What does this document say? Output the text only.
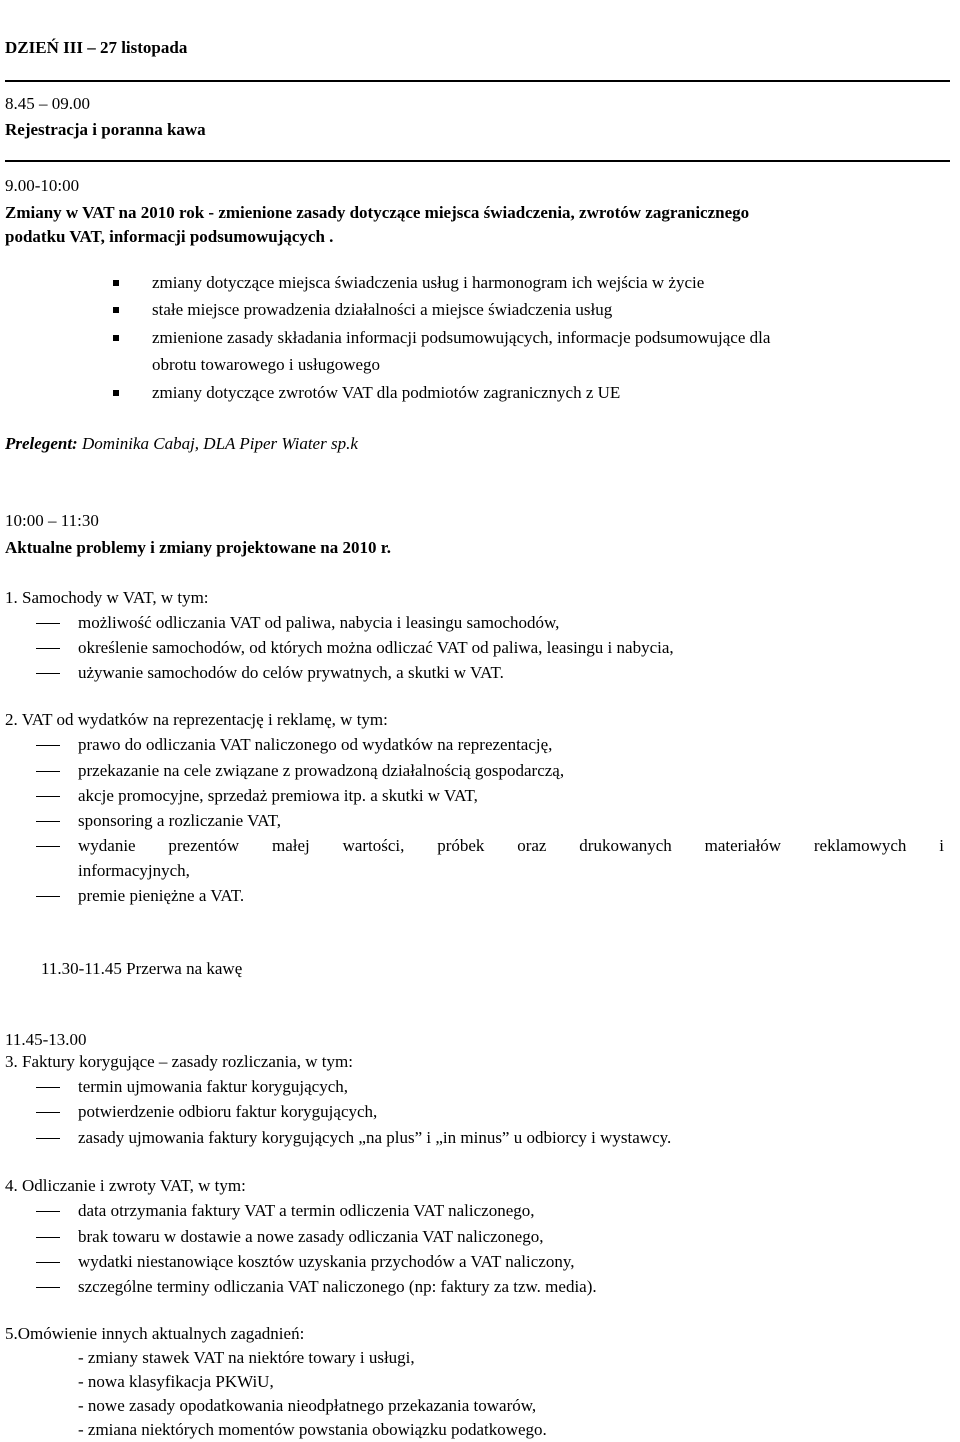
DZIEŃ III – 27 listopada
8.45 – 09.00
Rejestracja i poranna kawa
9.00-10:00
Zmiany w VAT na 2010 rok - zmienione zasady dotyczące miejsca świadczenia, zwrotów zagranicznego
podatku VAT, informacji podsumowujących .
zmiany dotyczące miejsca świadczenia usług i harmonogram ich wejścia w życie
stałe miejsce prowadzenia działalności a miejsce świadczenia usług
zmienione zasady składania informacji podsumowujących, informacje podsumowujące dla
obrotu towarowego i usługowego
zmiany dotyczące zwrotów VAT dla podmiotów zagranicznych z UE
Prelegent: Dominika Cabaj, DLA Piper Wiater sp.k
10:00 – 11:30
Aktualne problemy i zmiany projektowane na 2010 r.
1. Samochody w VAT, w tym:
możliwość odliczania VAT od paliwa, nabycia i leasingu samochodów,
określenie samochodów, od których można odliczać VAT od paliwa, leasingu i nabycia,
używanie samochodów do celów prywatnych, a skutki w VAT.
2. VAT od wydatków na reprezentację i reklamę, w tym:
prawo do odliczania VAT naliczonego od wydatków na reprezentację,
przekazanie na cele związane z prowadzoną działalnością gospodarczą,
akcje promocyjne, sprzedaż premiowa itp. a skutki w VAT,
sponsoring a rozliczanie VAT,
wydanie prezentów małej wartości, próbek oraz drukowanych materiałów reklamowych i
informacyjnych,
premie pieniężne a VAT.
11.30-11.45 Przerwa na kawę
11.45-13.00
3. Faktury korygujące – zasady rozliczania, w tym:
termin ujmowania faktur korygujących,
potwierdzenie odbioru faktur korygujących,
zasady ujmowania faktury korygujących „na plus” i „in minus” u odbiorcy i wystawcy.
4. Odliczanie i zwroty VAT, w tym:
data otrzymania faktury VAT a termin odliczenia VAT naliczonego,
brak towaru w dostawie a nowe zasady odliczania VAT naliczonego,
wydatki niestanowiące kosztów uzyskania przychodów a VAT naliczony,
szczególne terminy odliczania VAT naliczonego (np: faktury za tzw. media).
5.Omówienie innych aktualnych zagadnień:
- zmiany stawek VAT na niektóre towary i usługi,
- nowa klasyfikacja PKWiU,
- nowe zasady opodatkowania nieodpłatnego przekazania towarów,
- zmiana niektórych momentów powstania obowiązku podatkowego.
